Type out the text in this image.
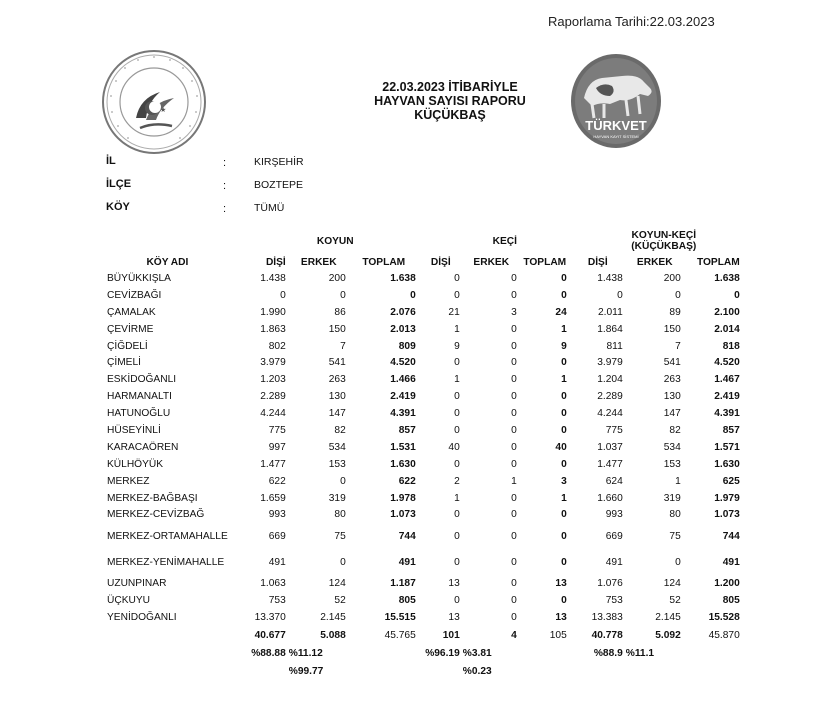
Raporlama Tarihi:22.03.2023
★
22.03.2023 İTİBARİYLE
HAYVAN SAYISI RAPORU
KÜÇÜKBAŞ
TÜRKVET
HAYVAN KAYIT SİSTEMİ
İL	:	KIRŞEHİR
İLÇE	:	BOZTEPE
KÖY	:	TÜMÜ
	KOYUN			KEÇİ			KOYUN-KEÇİ
(KÜÇÜKBAŞ)		
KÖY ADI	DİŞİ	ERKEK	TOPLAM	DİŞİ	ERKEK	TOPLAM	DİŞİ	ERKEK	TOPLAM
BÜYÜKKIŞLA	1.438	200	1.638	0	0	0	1.438	200	1.638
CEVİZBAĞI	0	0	0	0	0	0	0	0	0
ÇAMALAK	1.990	86	2.076	21	3	24	2.011	89	2.100
ÇEVİRME	1.863	150	2.013	1	0	1	1.864	150	2.014
ÇİĞDELİ	802	7	809	9	0	9	811	7	818
ÇİMELİ	3.979	541	4.520	0	0	0	3.979	541	4.520
ESKİDOĞANLI	1.203	263	1.466	1	0	1	1.204	263	1.467
HARMANALTI	2.289	130	2.419	0	0	0	2.289	130	2.419
HATUNOĞLU	4.244	147	4.391	0	0	0	4.244	147	4.391
HÜSEYİNLİ	775	82	857	0	0	0	775	82	857
KARACAÖREN	997	534	1.531	40	0	40	1.037	534	1.571
KÜLHÖYÜK	1.477	153	1.630	0	0	0	1.477	153	1.630
MERKEZ	622	0	622	2	1	3	624	1	625
MERKEZ-BAĞBAŞI	1.659	319	1.978	1	0	1	1.660	319	1.979
MERKEZ-CEVİZBAĞ	993	80	1.073	0	0	0	993	80	1.073
MERKEZ-ORTAMAHALLE	669	75	744	0	0	0	669	75	744
MERKEZ-YENİMAHALLE	491	0	491	0	0	0	491	0	491
UZUNPINAR	1.063	124	1.187	13	0	13	1.076	124	1.200
ÜÇKUYU	753	52	805	0	0	0	753	52	805
YENİDOĞANLI	13.370	2.145	15.515	13	0	13	13.383	2.145	15.528
	40.677	5.088	45.765	101	4	105	40.778	5.092	45.870
	%88.88	%11.12		%96.19	%3.81		%88.9	%11.1	
		%99.77			%0.23				
